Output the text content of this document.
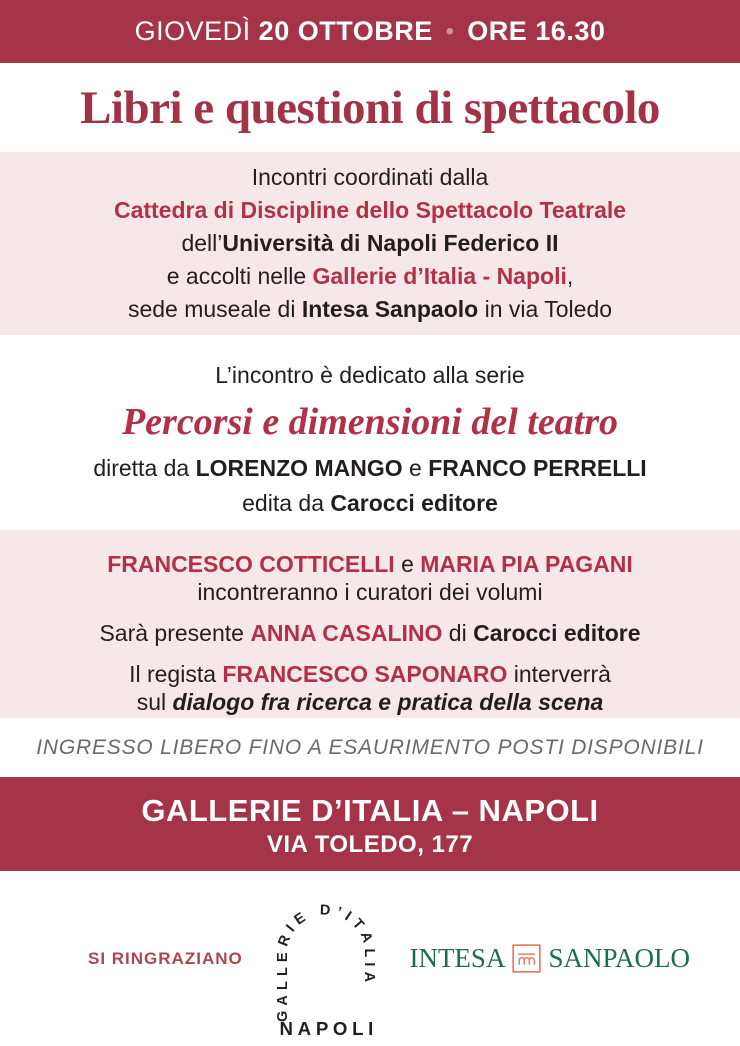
GIOVEDÌ 20 OTTOBRE • ORE 16.30
Libri e questioni di spettacolo

Incontri coordinati dalla

Cattedra di Discipline dello Spettacolo Teatrale

dell’Università di Napoli Federico II

e accolti nelle Gallerie d’Italia - Napoli,

sede museale di Intesa Sanpaolo in via Toledo

L’incontro è dedicato alla serie

Percorsi e dimensioni del teatro

diretta da LORENZO MANGO e FRANCO PERRELLI

edita da Carocci editore

FRANCESCO COTTICELLI e MARIA PIA PAGANI

incontreranno i curatori dei volumi

Sarà presente ANNA CASALINO di Carocci editore

Il regista FRANCESCO SAPONARO interverrà

sul dialogo fra ricerca e pratica della scena

INGRESSO LIBERO FINO A ESAURIMENTO POSTI DISPONIBILI

GALLERIE D’ITALIA – NAPOLI

VIA TOLEDO, 177

SI RINGRAZIANO
GALLERIE D’ITALIA
NAPOLI
INTESA SANPAOLO
